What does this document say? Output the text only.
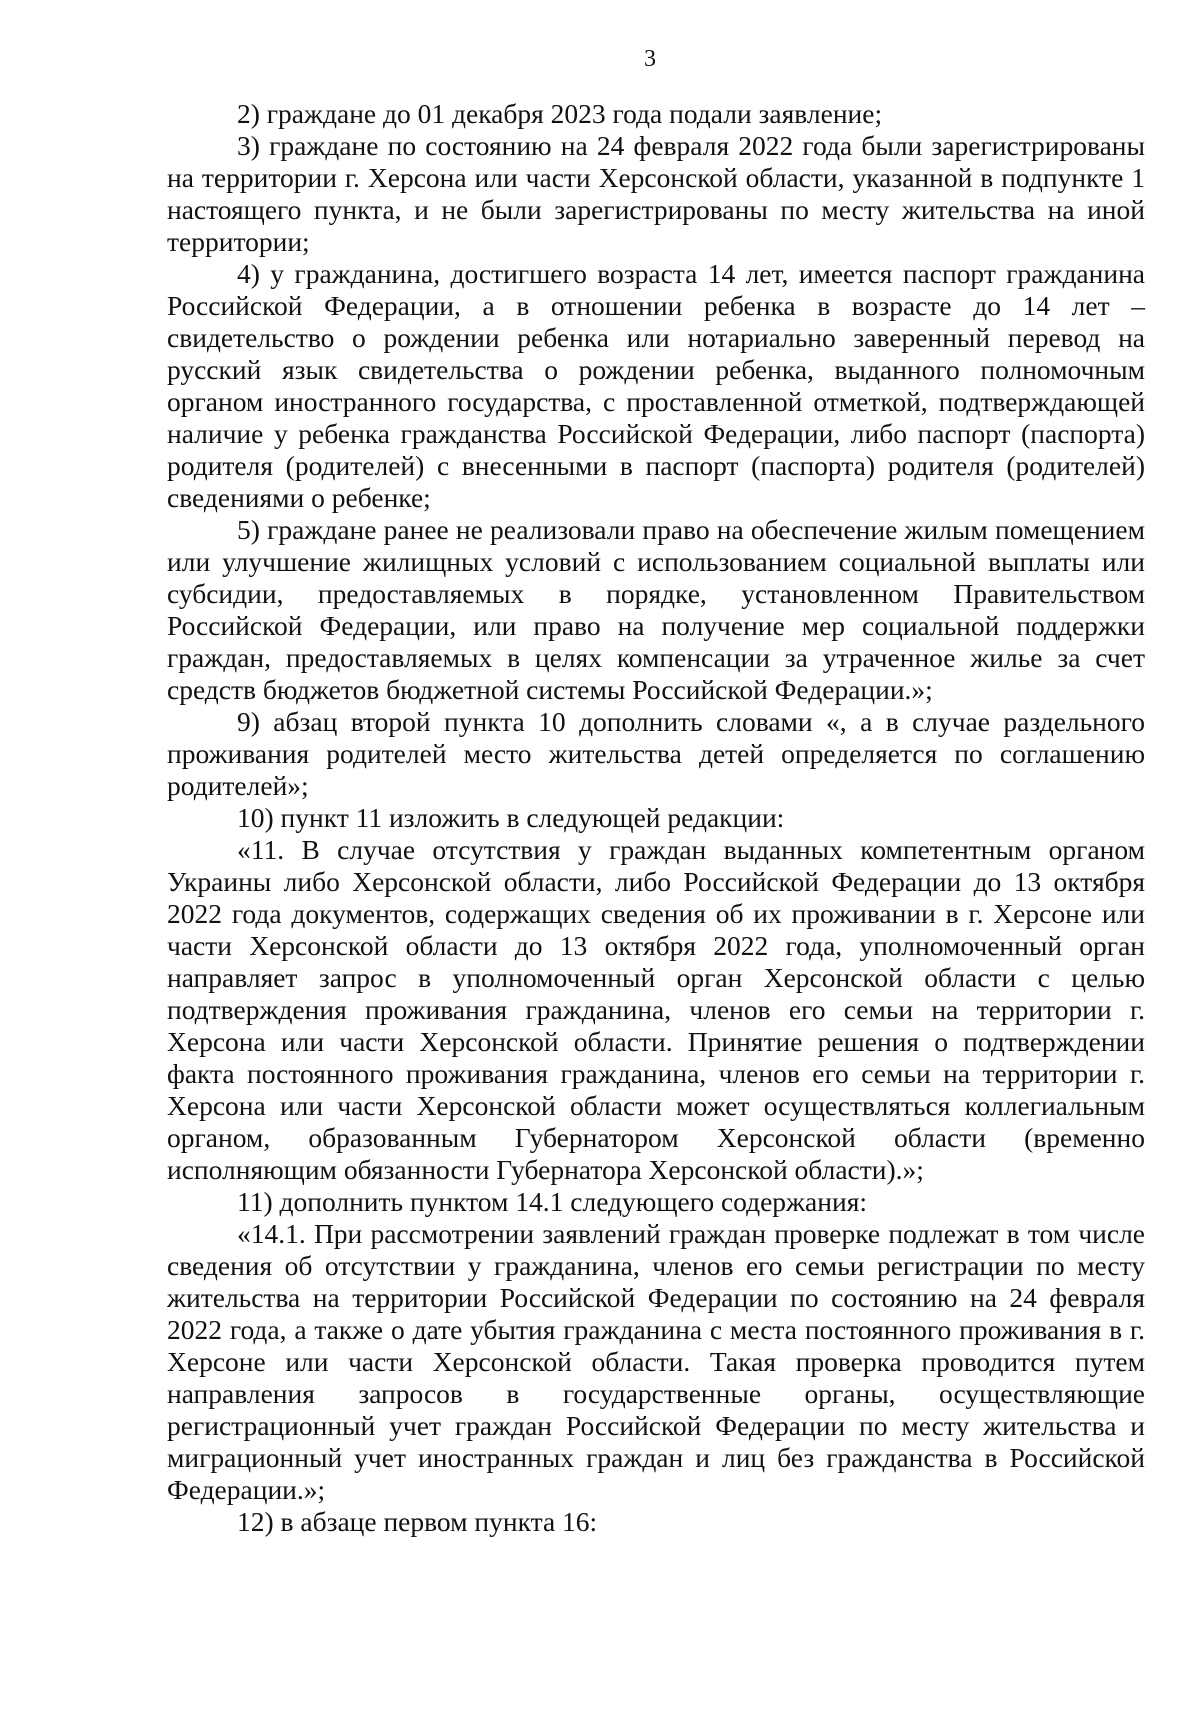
3

2) граждане до 01 декабря 2023 года подали заявление;

3) граждане по состоянию на 24 февраля 2022 года были зарегистрированы на территории г. Херсона или части Херсонской области, указанной в подпункте 1 настоящего пункта, и не были зарегистрированы по месту жительства на иной территории;

4) у гражданина, достигшего возраста 14 лет, имеется паспорт гражданина Российской Федерации, а в отношении ребенка в возрасте до 14 лет – свидетельство о рождении ребенка или нотариально заверенный перевод на русский язык свидетельства о рождении ребенка, выданного полномочным органом иностранного государства, с проставленной отметкой, подтверждающей наличие у ребенка гражданства Российской Федерации, либо паспорт (паспорта) родителя (родителей) с внесенными в паспорт (паспорта) родителя (родителей) сведениями о ребенке;

5) граждане ранее не реализовали право на обеспечение жилым помещением или улучшение жилищных условий с использованием социальной выплаты или субсидии, предоставляемых в порядке, установленном Правительством Российской Федерации, или право на получение мер социальной поддержки граждан, предоставляемых в целях компенсации за утраченное жилье за счет средств бюджетов бюджетной системы Российской Федерации.»;

9) абзац второй пункта 10 дополнить словами «, а в случае раздельного проживания родителей место жительства детей определяется по соглашению родителей»;

10) пункт 11 изложить в следующей редакции:

«11. В случае отсутствия у граждан выданных компетентным органом Украины либо Херсонской области, либо Российской Федерации до 13 октября 2022 года документов, содержащих сведения об их проживании в г. Херсоне или части Херсонской области до 13 октября 2022 года, уполномоченный орган направляет запрос в уполномоченный орган Херсонской области с целью подтверждения проживания гражданина, членов его семьи на территории г. Херсона или части Херсонской области. Принятие решения о подтверждении факта постоянного проживания гражданина, членов его семьи на территории г. Херсона или части Херсонской области может осуществляться коллегиальным органом, образованным Губернатором Херсонской области (временно исполняющим обязанности Губернатора Херсонской области).»;

11) дополнить пунктом 14.1 следующего содержания:

«14.1. При рассмотрении заявлений граждан проверке подлежат в том числе сведения об отсутствии у гражданина, членов его семьи регистрации по месту жительства на территории Российской Федерации по состоянию на 24 февраля 2022 года, а также о дате убытия гражданина с места постоянного проживания в г. Херсоне или части Херсонской области. Такая проверка проводится путем направления запросов в государственные органы, осуществляющие регистрационный учет граждан Российской Федерации по месту жительства и миграционный учет иностранных граждан и лиц без гражданства в Российской Федерации.»;

12) в абзаце первом пункта 16:
